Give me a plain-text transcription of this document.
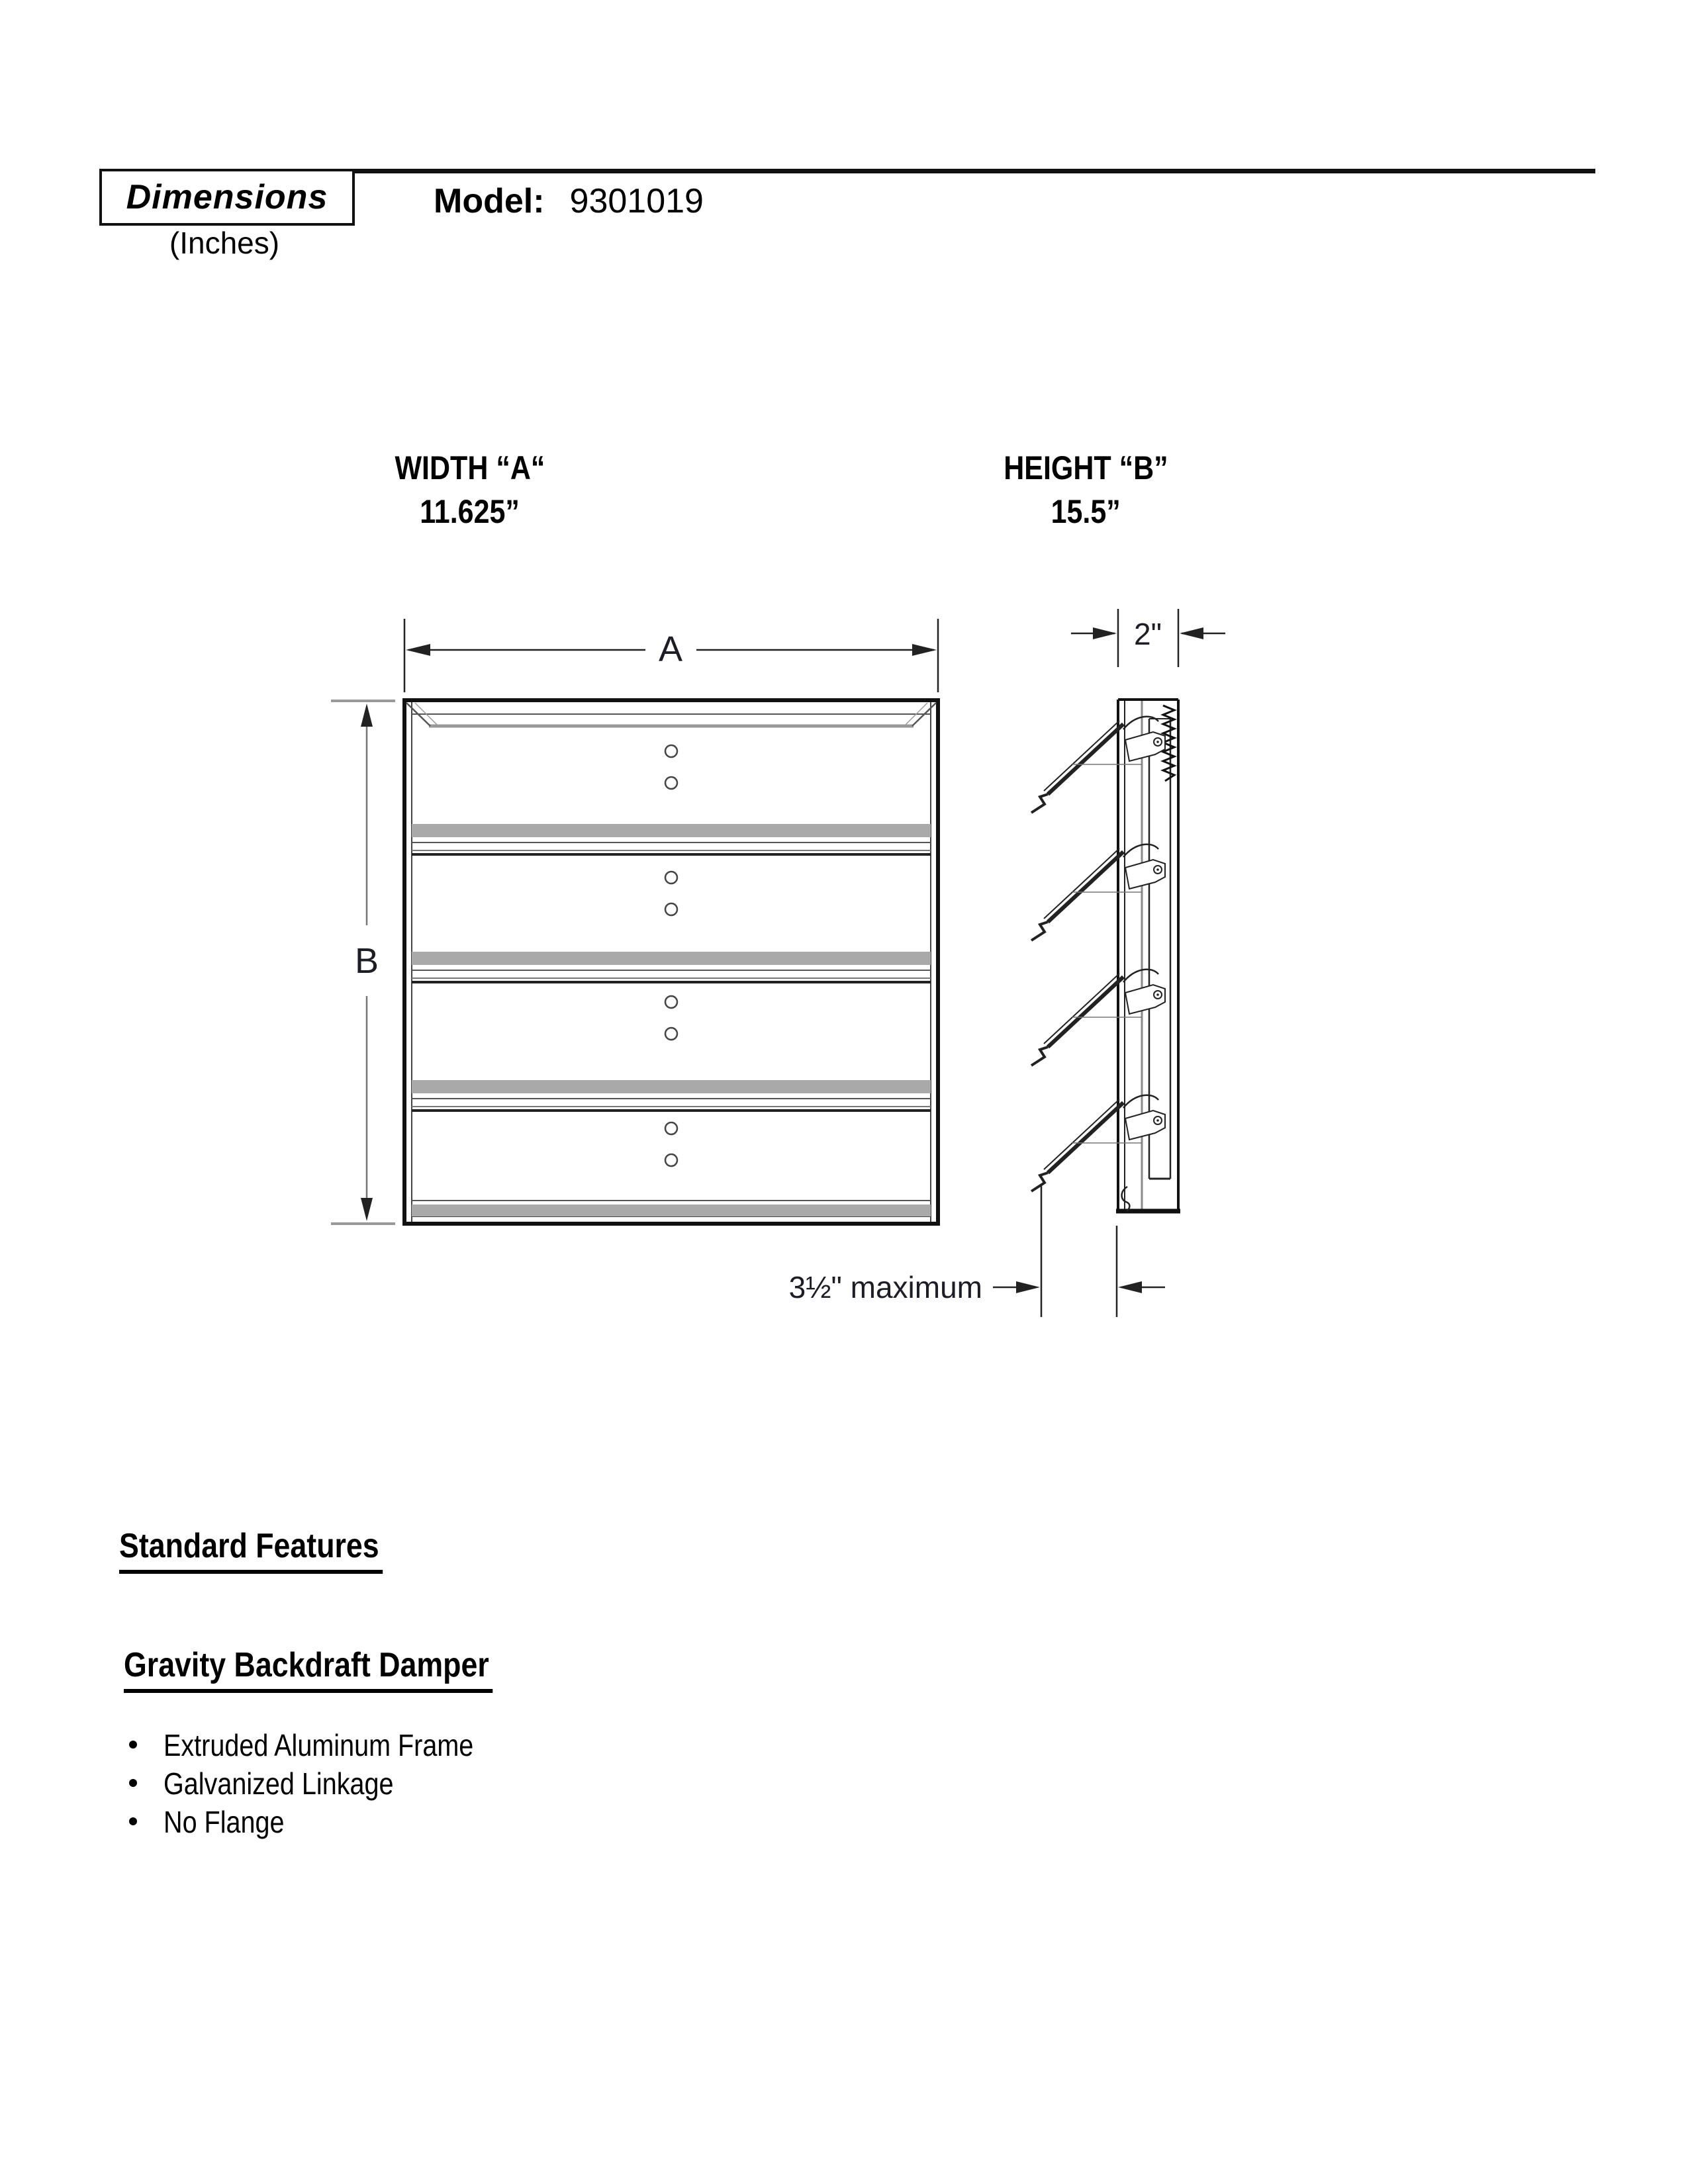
Dimensions
(Inches)
Model: 9301019
WIDTH “A“
11.625”
HEIGHT “B”
15.5”
A
B
2"
3½" maximum
Standard Features
Gravity Backdraft Damper
Extruded Aluminum Frame
Galvanized Linkage
No Flange
